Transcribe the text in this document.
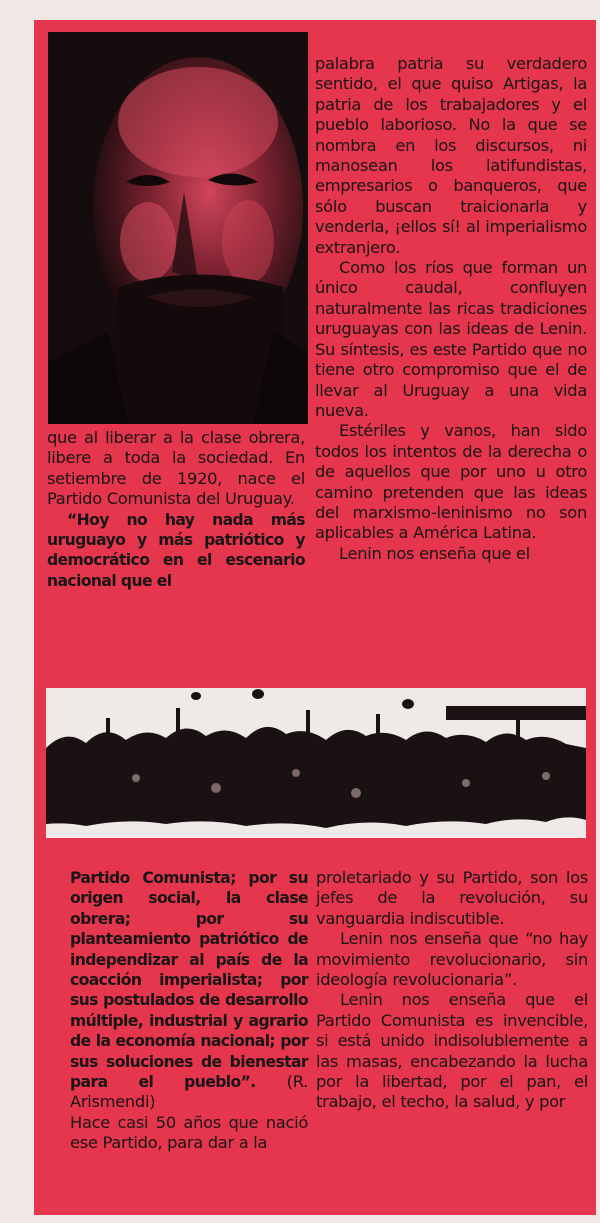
palabra patria su verdadero sentido, el que quiso Artigas, la patria de los trabajadores y el pueblo laborioso. No la que se nombra en los discursos, ni manosean los latifundistas, empresarios o banqueros, que sólo buscan traicionarla y venderla, ¡ellos sí! al imperialismo extranjero.
Como los ríos que forman un único caudal, confluyen naturalmente las ricas tradiciones uruguayas con las ideas de Lenin. Su síntesis, es este Partido que no tiene otro compromiso que el de llevar al Uruguay a una vida nueva.
Estériles y vanos, han sido todos los intentos de la derecha o de aquellos que por uno u otro camino pretenden que las ideas del marxismo-leninismo no son aplicables a América Latina.
Lenin nos enseña que el

que al liberar a la clase obrera, libere a toda la sociedad. En setiembre de 1920, nace el Partido Comunista del Uruguay.
“Hoy no hay nada más uruguayo y más patriótico y democrático en el escenario nacional que el

Partido Comunista; por su origen social, la clase obrera; por su planteamiento patriótico de independizar al país de la coacción imperialista; por sus postulados de desarrollo múltiple, industrial y agrario de la economía nacional; por sus soluciones de bienestar para el pueblo”. (R. Arismendi)
Hace casi 50 años que nació ese Partido, para dar a la

proletariado y su Partido, son los jefes de la revolución, su vanguardia indiscutible.
Lenin nos enseña que “no hay movimiento revolucionario, sin ideología revolucionaria”.
Lenin nos enseña que el Partido Comunista es invencible, si está unido indisolublemente a las masas, encabezando la lucha por la libertad, por el pan, el trabajo, el techo, la salud, y por
